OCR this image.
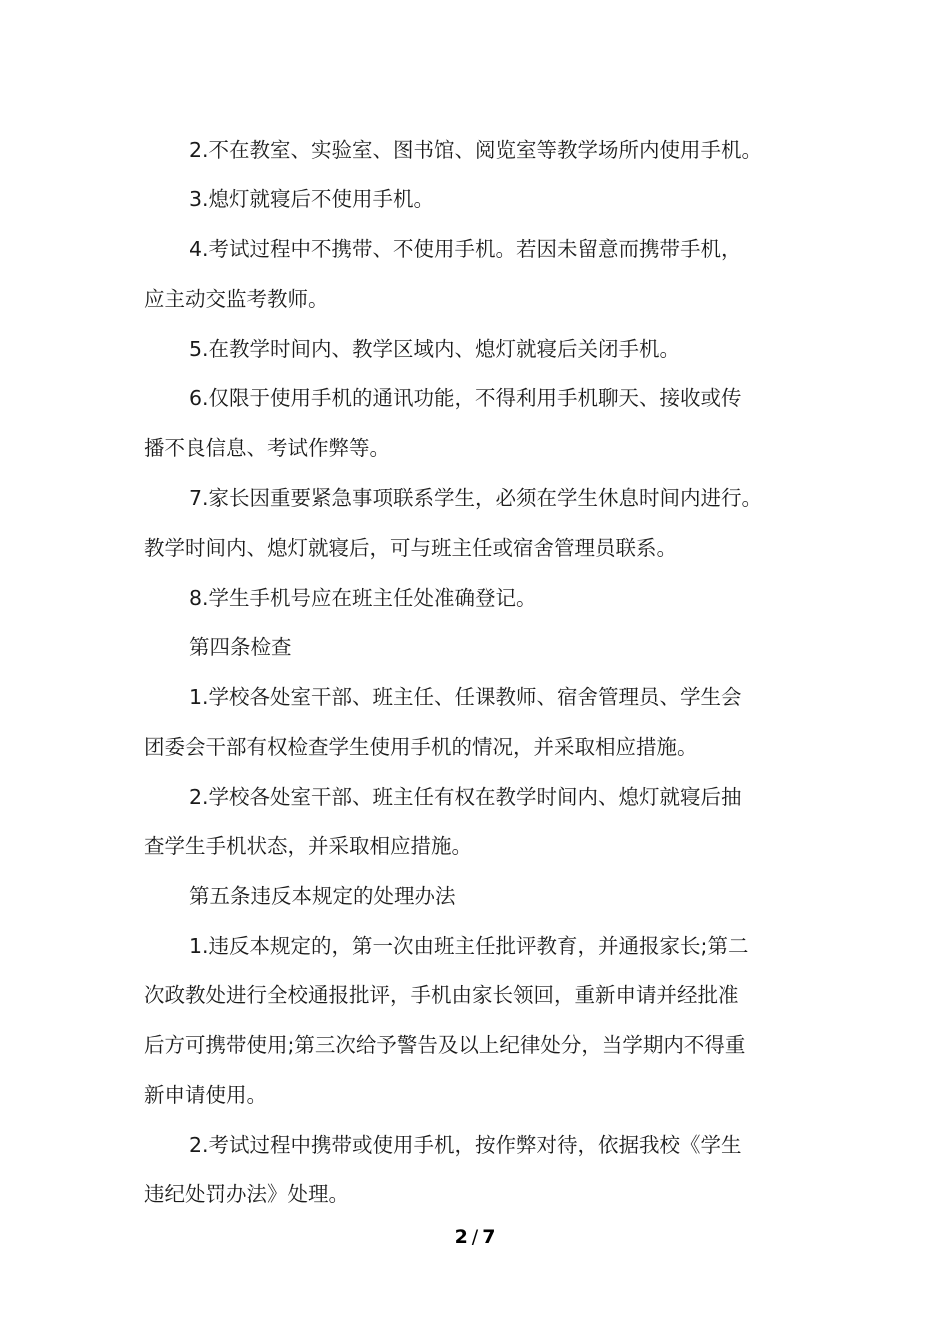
2.不在教室、实验室、图书馆、阅览室等教学场所内使用手机。
3.熄灯就寝后不使用手机。
4.考试过程中不携带、不使用手机。若因未留意而携带手机，
应主动交监考教师。
5.在教学时间内、教学区域内、熄灯就寝后关闭手机。
6.仅限于使用手机的通讯功能，不得利用手机聊天、接收或传
播不良信息、考试作弊等。
7.家长因重要紧急事项联系学生，必须在学生休息时间内进行。
教学时间内、熄灯就寝后，可与班主任或宿舍管理员联系。
8.学生手机号应在班主任处准确登记。
第四条检查
1.学校各处室干部、班主任、任课教师、宿舍管理员、学生会
团委会干部有权检查学生使用手机的情况，并采取相应措施。
2.学校各处室干部、班主任有权在教学时间内、熄灯就寝后抽
查学生手机状态，并采取相应措施。
第五条违反本规定的处理办法
1.违反本规定的，第一次由班主任批评教育，并通报家长;第二
次政教处进行全校通报批评，手机由家长领回，重新申请并经批准
后方可携带使用;第三次给予警告及以上纪律处分，当学期内不得重
新申请使用。
2.考试过程中携带或使用手机，按作弊对待，依据我校《学生
违纪处罚办法》处理。
2 / 7
